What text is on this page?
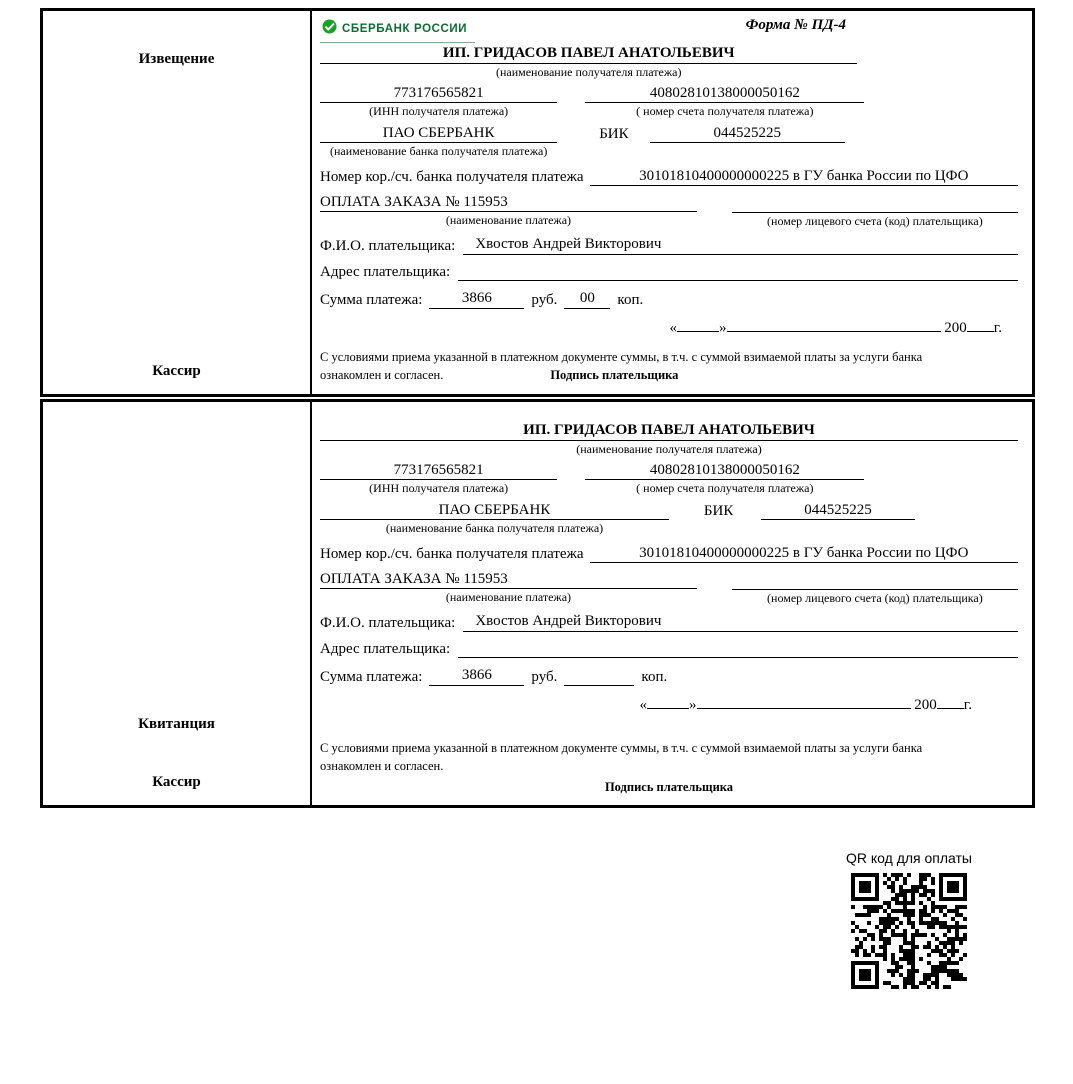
Извещение
Кассир
СБЕРБАНК РОССИИ	Форма № ПД-4
ИП. ГРИДАСОВ ПАВЕЛ АНАТОЛЬЕВИЧ
(наименование получателя платежа)
773176565821
(ИНН получателя платежа)
40802810138000050162
( номер счета получателя платежа)
ПАО СБЕРБАНК
(наименование банка получателя платежа)
БИК	044525225
Номер кор./сч. банка получателя платежа	30101810400000000225 в ГУ банка России по ЦФО
ОПЛАТА ЗАКАЗА № 115953
(наименование платежа)	(номер лицевого счета (код) плательщика)
Ф.И.О. плательщика:	Хвостов Андрей Викторович
Адрес плательщика:
Сумма платежа:	3866	руб.	00	коп.
«	»	200 г.
С условиями приема указанной в платежном документе суммы, в т.ч. с суммой взимаемой платы за услуги банка ознакомлен и согласен.	Подпись плательщика
Квитанция
Кассир
ИП. ГРИДАСОВ ПАВЕЛ АНАТОЛЬЕВИЧ
(наименование получателя платежа)
773176565821
(ИНН получателя платежа)
40802810138000050162
( номер счета получателя платежа)
ПАО СБЕРБАНК
(наименование банка получателя платежа)
БИК	044525225
Номер кор./сч. банка получателя платежа	30101810400000000225 в ГУ банка России по ЦФО
ОПЛАТА ЗАКАЗА № 115953
(наименование платежа)	(номер лицевого счета (код) плательщика)
Ф.И.О. плательщика:	Хвостов Андрей Викторович
Адрес плательщика:
Сумма платежа:	3866	руб.	коп.
«	»	200 г.
С условиями приема указанной в платежном документе суммы, в т.ч. с суммой взимаемой платы за услуги банка ознакомлен и согласен.
Подпись плательщика
QR код для оплаты
